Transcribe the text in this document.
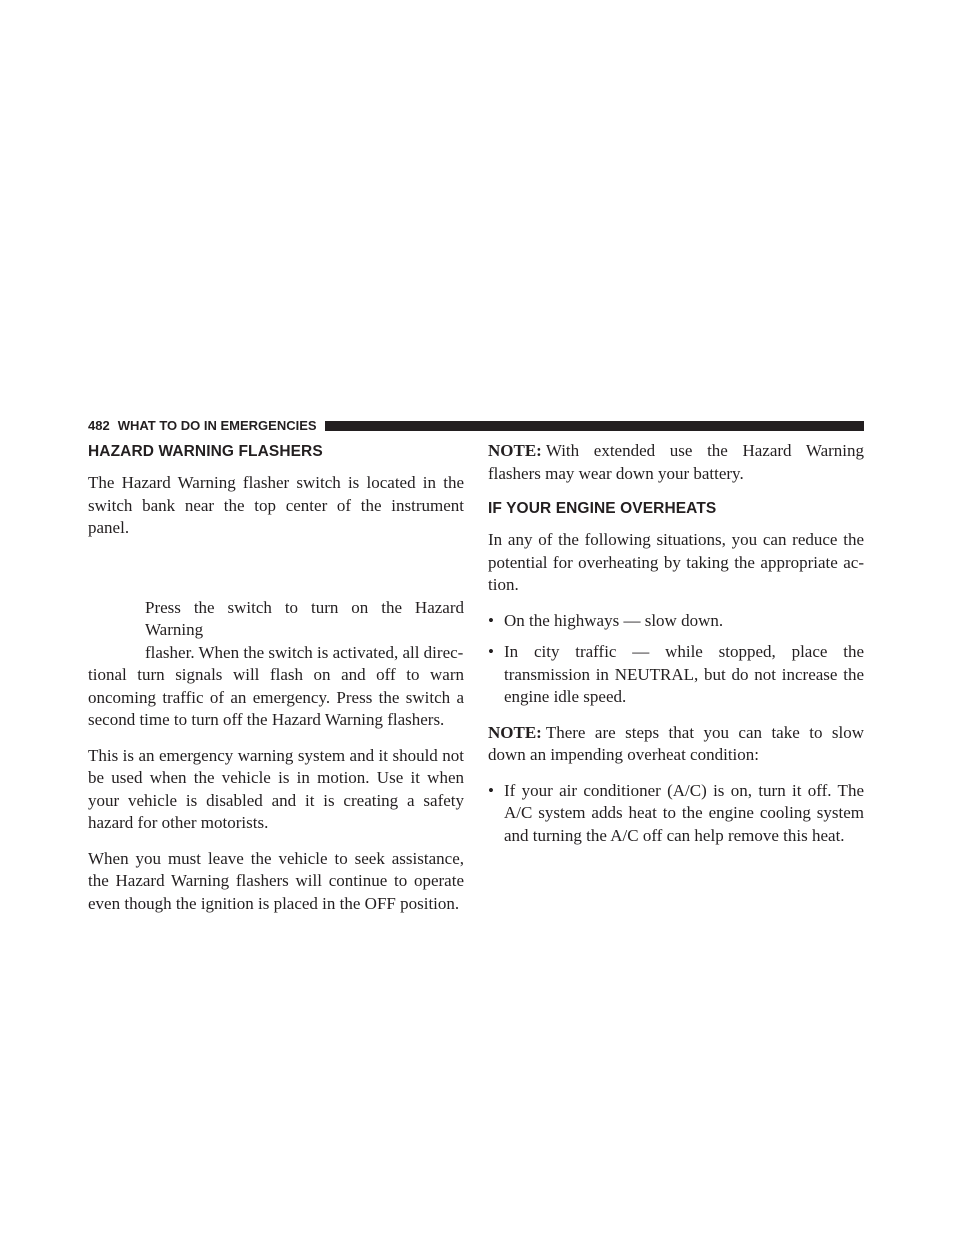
482 WHAT TO DO IN EMERGENCIES
HAZARD WARNING FLASHERS

The Hazard Warning flasher switch is located in the switch bank near the top center of the instrument panel.

Press the switch to turn on the Hazard Warning
flasher. When the switch is activated, all direc-
tional turn signals will flash on and off to warn oncoming traffic of an emergency. Press the switch a second time to turn off the Hazard Warning flashers.

This is an emergency warning system and it should not be used when the vehicle is in motion. Use it when your vehicle is disabled and it is creating a safety hazard for other motorists.

When you must leave the vehicle to seek assistance, the Hazard Warning flashers will continue to operate even though the ignition is placed in the OFF position.

NOTE: With extended use the Hazard Warning flashers may wear down your battery.

IF YOUR ENGINE OVERHEATS

In any of the following situations, you can reduce the potential for overheating by taking the appropriate ac- tion.

• On the highways — slow down.
• In city traffic — while stopped, place the transmission in NEUTRAL, but do not increase the engine idle speed.

NOTE: There are steps that you can take to slow down an impending overheat condition:

• If your air conditioner (A/C) is on, turn it off. The A/C system adds heat to the engine cooling system and turning the A/C off can help remove this heat.
